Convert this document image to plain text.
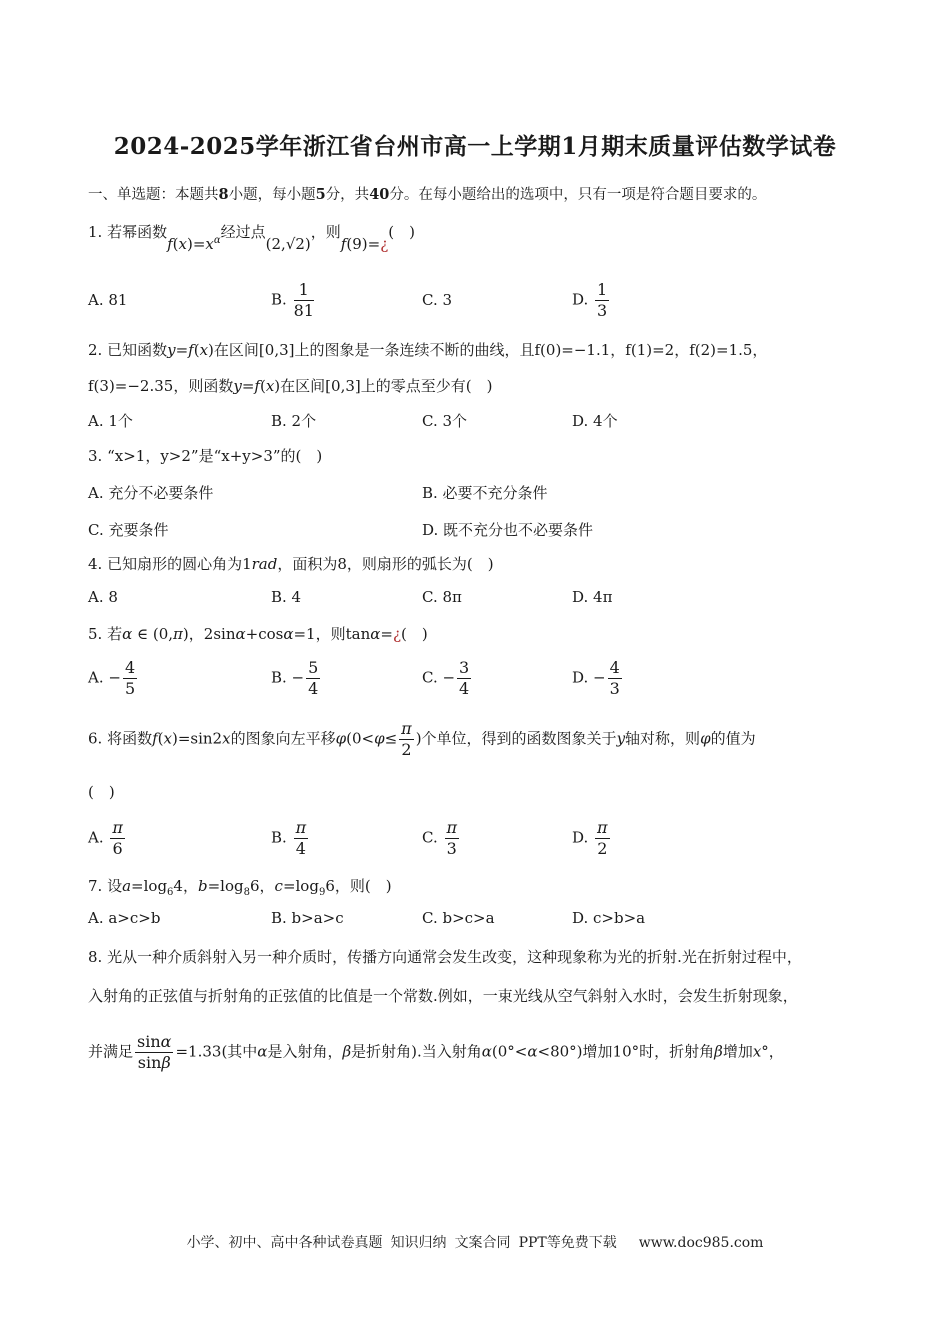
2024-2025学年浙江省台州市高一上学期1月期末质量评估数学试卷
一、单选题：本题共8小题，每小题5分，共40分。在每小题给出的选项中，只有一项是符合题目要求的。
1. 若幂函数$f(x)=x^\alpha$经过点(2,√2)，则f(9)=¿(　)
A. 81	B. $\frac{1}{81}$	C. 3	D. $\frac{1}{3}$
2. 已知函数y=f(x)在区间[0,3]上的图象是一条连续不断的曲线，且f(0)=−1.1，f(1)=2，f(2)=1.5，
f(3)=−2.35，则函数y=f(x)在区间[0,3]上的零点至少有(　)
A. 1个	B. 2个	C. 3个	D. 4个
3. “x>1，y>2”是“x+y>3”的(　)
A. 充分不必要条件	B. 必要不充分条件
C. 充要条件	D. 既不充分也不必要条件
4. 已知扇形的圆心角为1rad，面积为8，则扇形的弧长为(　)
A. 8	B. 4	C. 8π	D. 4π
5. 若α ∈ (0,π)，2sinα+cosα=1，则tanα=¿(　)
A. − $\frac{4}{5}$	B. − $\frac{5}{4}$	C. − $\frac{3}{4}$	D. − $\frac{4}{3}$
6. 将函数f(x)=sin2x的图象向左平移$\varphi(0<\varphi\le \frac{\pi}{2}$ )个单位，得到的函数图象关于y轴对称，则φ的值为
(　)
A. $\frac{\pi}{6}$	B. $\frac{\pi}{4}$	C. $\frac{\pi}{3}$	D. $\frac{\pi}{2}$
7. 设$a=\log_64$，$b=\log_86$，$c=\log_96$，则(　)
A. a>c>b	B. b>a>c	C. b>c>a	D. c>b>a
8. 光从一种介质斜射入另一种介质时，传播方向通常会发生改变，这种现象称为光的折射.光在折射过程中，
入射角的正弦值与折射角的正弦值的比值是一个常数.例如，一束光线从空气斜射入水时，会发生折射现象，
并满足 $\frac{\sin\alpha}{\sin\beta} =1.33$(其中α是入射角，β是折射角).当入射角α(0°<α<80°)增加10°时，折射角β增加x°，
小学、初中、高中各种试卷真题 知识归纳 文案合同 PPT等免费下载 www.doc985.com
